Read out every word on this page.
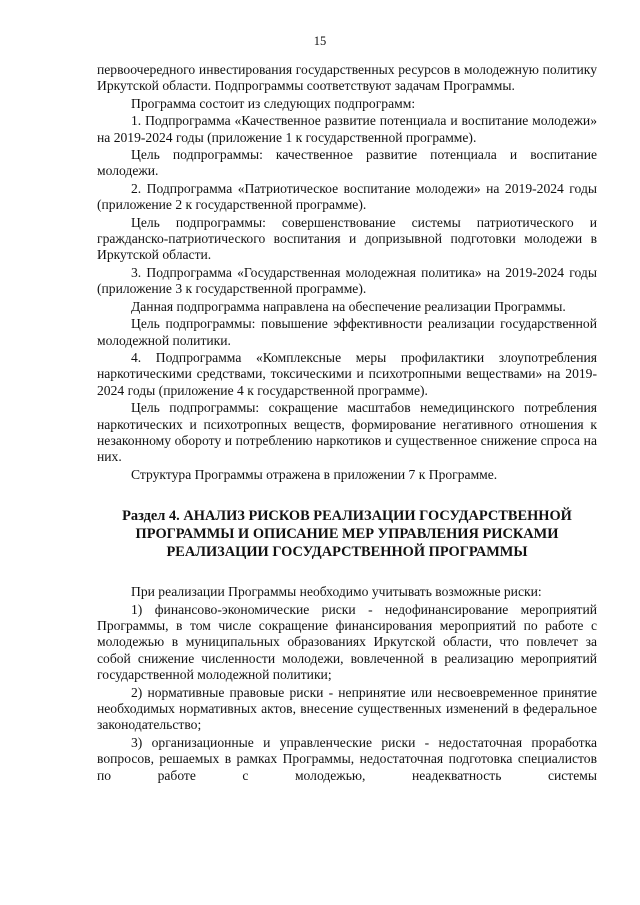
15

первоочередного инвестирования государственных ресурсов в молодежную политику Иркутской области. Подпрограммы соответствуют задачам Программы.

Программа состоит из следующих подпрограмм:

1. Подпрограмма «Качественное развитие потенциала и воспитание молодежи» на 2019-2024 годы (приложение 1 к государственной программе).

Цель подпрограммы: качественное развитие потенциала и воспитание молодежи.

2. Подпрограмма «Патриотическое воспитание молодежи» на 2019-2024 годы (приложение 2 к государственной программе).

Цель подпрограммы: совершенствование системы патриотического и гражданско-патриотического воспитания и допризывной подготовки молодежи в Иркутской области.

3. Подпрограмма «Государственная молодежная политика» на 2019-2024 годы (приложение 3 к государственной программе).

Данная подпрограмма направлена на обеспечение реализации Программы.

Цель подпрограммы: повышение эффективности реализации государственной молодежной политики.

4. Подпрограмма «Комплексные меры профилактики злоупотребления наркотическими средствами, токсическими и психотропными веществами» на 2019-2024 годы (приложение 4 к государственной программе).

Цель подпрограммы: сокращение масштабов немедицинского потребления наркотических и психотропных веществ, формирование негативного отношения к незаконному обороту и потреблению наркотиков и существенное снижение спроса на них.

Структура Программы отражена в приложении 7 к Программе.

Раздел 4. АНАЛИЗ РИСКОВ РЕАЛИЗАЦИИ ГОСУДАРСТВЕННОЙ
ПРОГРАММЫ И ОПИСАНИЕ МЕР УПРАВЛЕНИЯ РИСКАМИ
РЕАЛИЗАЦИИ ГОСУДАРСТВЕННОЙ ПРОГРАММЫ

При реализации Программы необходимо учитывать возможные риски:

1) финансово-экономические риски - недофинансирование мероприятий Программы, в том числе сокращение финансирования мероприятий по работе с молодежью в муниципальных образованиях Иркутской области, что повлечет за собой снижение численности молодежи, вовлеченной в реализацию мероприятий государственной молодежной политики;

2) нормативные правовые риски - непринятие или несвоевременное принятие необходимых нормативных актов, внесение существенных изменений в федеральное законодательство;

3) организационные и управленческие риски - недостаточная проработка вопросов, решаемых в рамках Программы, недостаточная подготовка специалистов по работе с молодежью, неадекватность системы
